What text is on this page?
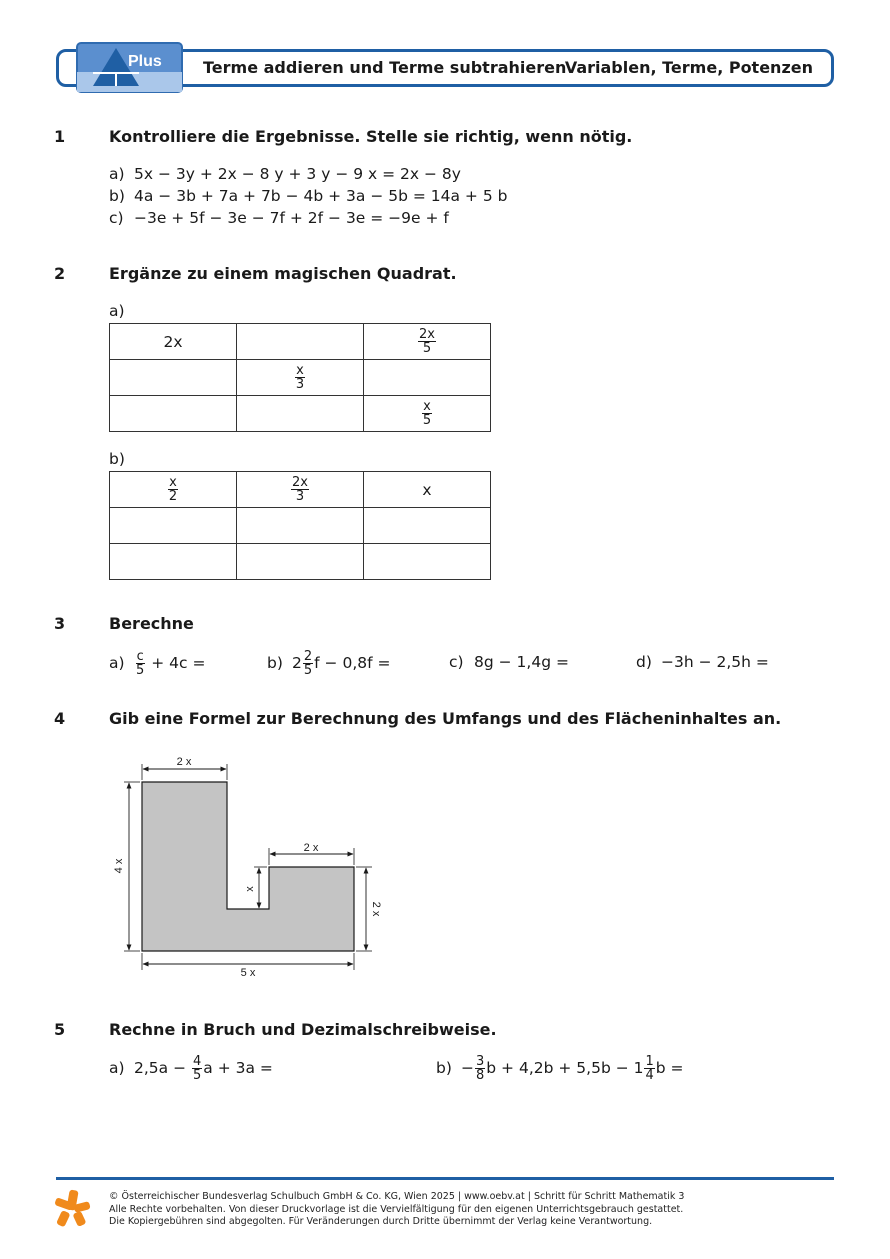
Plus	Terme addieren und Terme subtrahieren
Variablen, Terme, Potenzen
1	Kontrolliere die Ergebnisse. Stelle sie richtig, wenn nötig.
a) 5x − 3y + 2x − 8 y + 3 y − 9 x = 2x − 8y
b) 4a − 3b + 7a + 7b − 4b + 3a − 5b = 14a + 5 b
c) −3e + 5f − 3e − 7f + 2f − 3e = −9e + f
2	Ergänze zu einem magischen Quadrat.
a)
2x		$\frac{2x}{5}$

	$\frac{x}{3}$

		$\frac{x}{5}$
b)
$\frac{x}{2}$	$\frac{2x}{3}$	x

3	Berechne
$a) \frac{c}{5} + 4c$ =	b) $2 \frac{2}{5}$ f − 0,8f =	c) 8g − 1,4g =	d) −3h − 2,5h =
4	Gib eine Formel zur Berechnung des Umfangs und des Flächeninhaltes an.
2 x
2 x
4 x
x
2 x
5 x
5	Rechne in Bruch und Dezimalschreibweise.
a) $2,5a - \frac{4}{5}$ a + 3a =	$b) - \frac{3}{8}$ $b + 4,2b + 5,5b - 1 \frac{1}{4}$ b =
© Österreichischer Bundesverlag Schulbuch GmbH & Co. KG, Wien 2025 | www.oebv.at | Schritt für Schritt Mathematik 3
Alle Rechte vorbehalten. Von dieser Druckvorlage ist die Vervielfältigung für den eigenen Unterrichtsgebrauch gestattet.
Die Kopiergebühren sind abgegolten. Für Veränderungen durch Dritte übernimmt der Verlag keine Verantwortung.
